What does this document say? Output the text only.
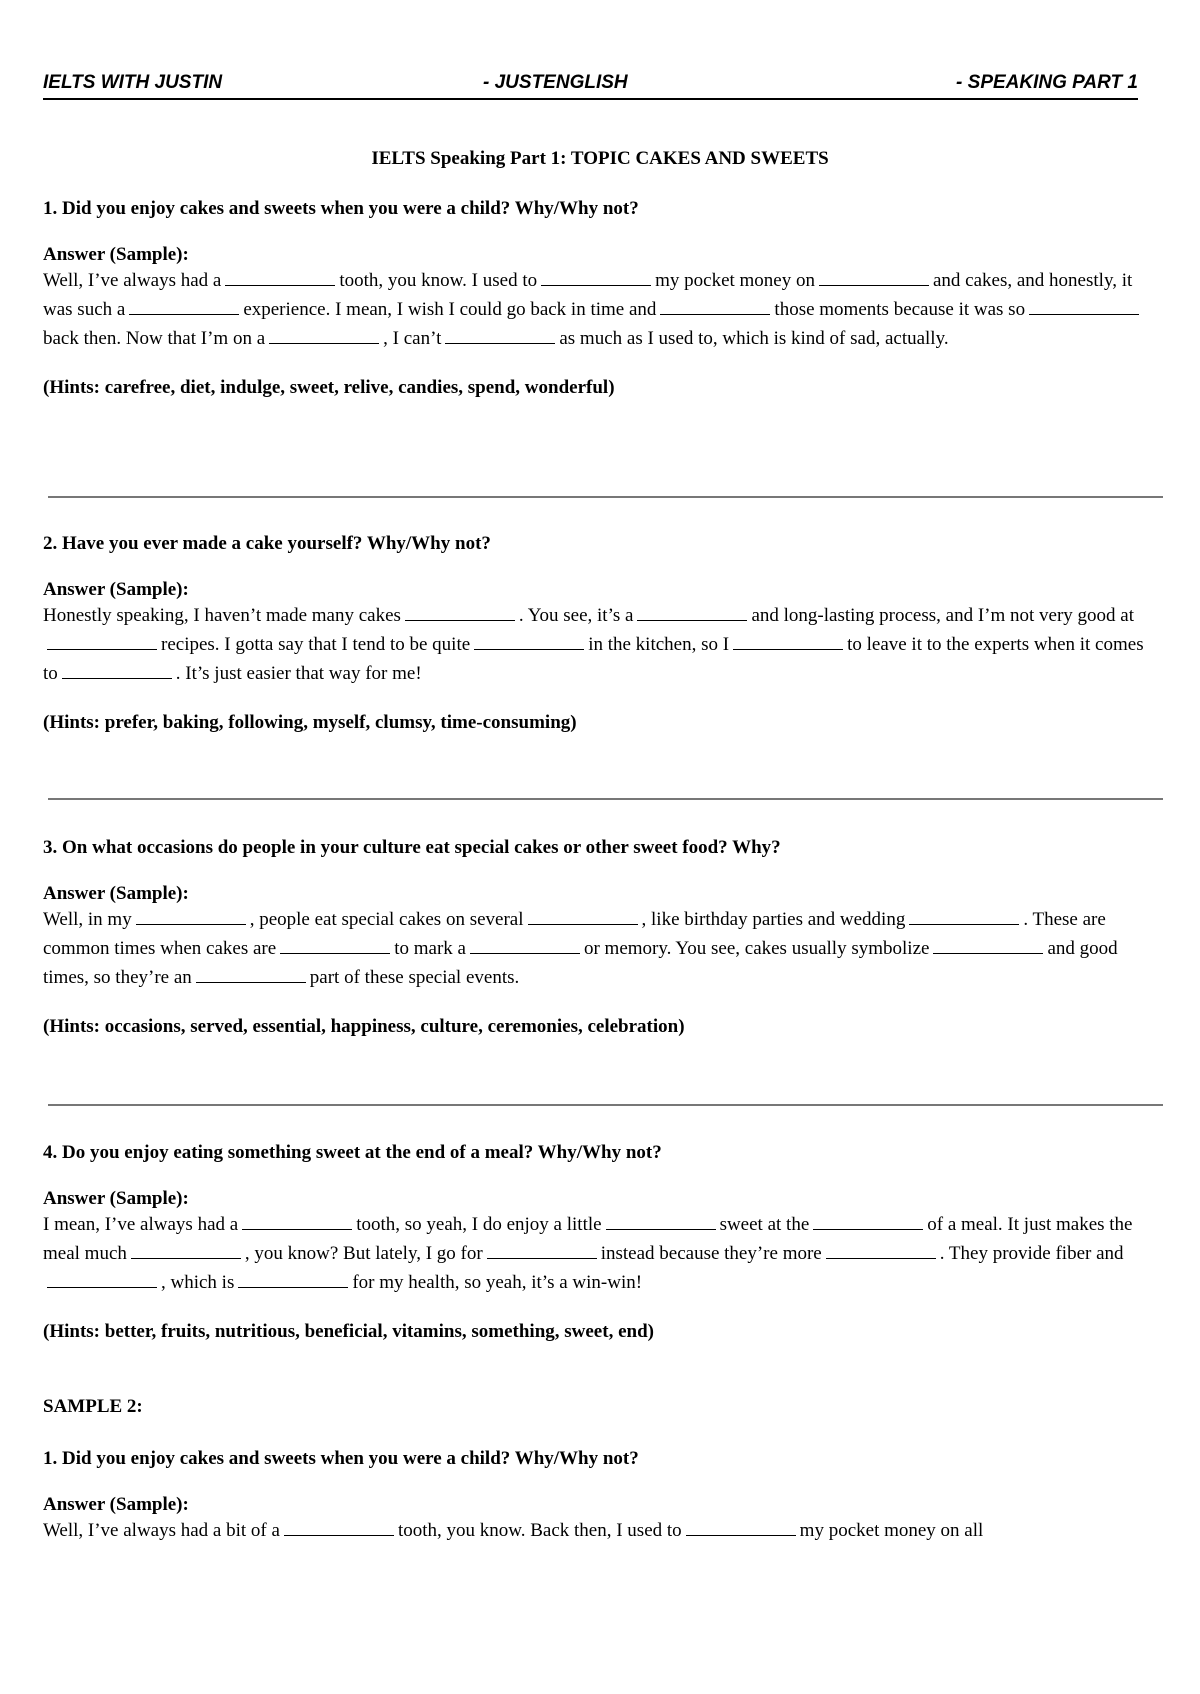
IELTS WITH JUSTIN	- JUSTENGLISH	- SPEAKING PART 1
IELTS Speaking Part 1: TOPIC CAKES AND SWEETS
1. Did you enjoy cakes and sweets when you were a child? Why/Why not?
Answer (Sample):

Well, I’ve always had a	tooth, you know. I used to	my pocket money on	and cakes, and honestly, it was such a	experience. I mean, I wish I could go back in time and	those moments because it was soback then. Now that I’m on a	, I can’t	as much as I used to, which is kind of sad, actually.

(Hints: carefree, diet, indulge, sweet, relive, candies, spend, wonderful)
2. Have you ever made a cake yourself? Why/Why not?
Answer (Sample):

Honestly speaking, I haven’t made many cakes	. You see, it’s a	and long-lasting process, and I’m not very good atrecipes. I gotta say that I tend to be quite	in the kitchen, so I	to leave it to the experts when it comes to	. It’s just easier that way for me!

(Hints: prefer, baking, following, myself, clumsy, time-consuming)
3. On what occasions do people in your culture eat special cakes or other sweet food? Why?
Answer (Sample):

Well, in my	, people eat special cakes on several	, like birthday parties and wedding	. These are common times when cakes are	to mark a	or memory. You see, cakes usually symbolize	and good times, so they’re an	part of these special events.

(Hints: occasions, served, essential, happiness, culture, ceremonies, celebration)
4. Do you enjoy eating something sweet at the end of a meal? Why/Why not?
Answer (Sample):

I mean, I’ve always had a	tooth, so yeah, I do enjoy a little	sweet at the	of a meal. It just makes the meal much	, you know? But lately, I go for	instead because they’re more	. They provide fiber and, which is	for my health, so yeah, it’s a win-win!

(Hints: better, fruits, nutritious, beneficial, vitamins, something, sweet, end)
SAMPLE 2:
1. Did you enjoy cakes and sweets when you were a child? Why/Why not?
Answer (Sample):

Well, I’ve always had a bit of a	tooth, you know. Back then, I used to	my pocket money on all
